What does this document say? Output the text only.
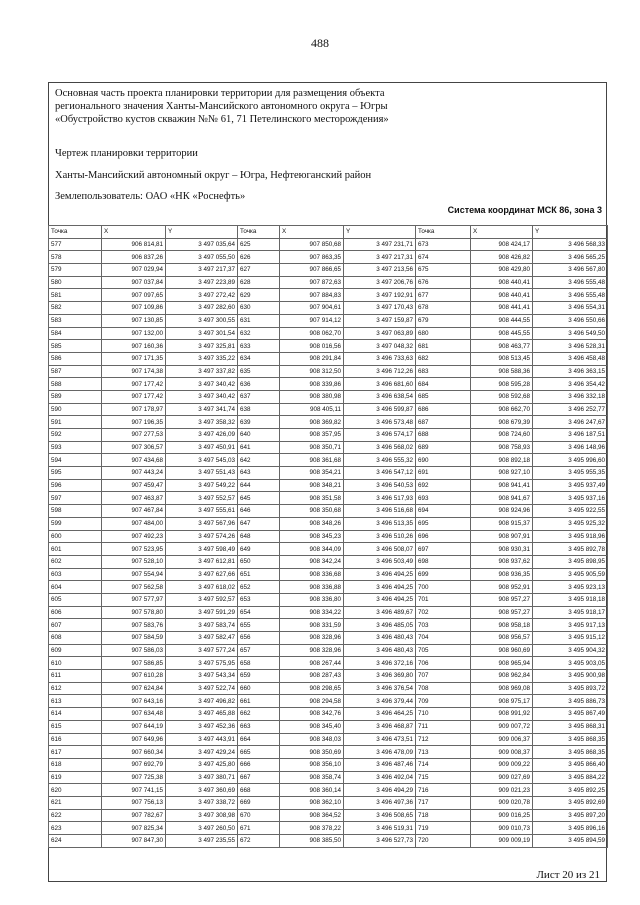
488
Основная часть проекта планировки территории для размещения объекта
регионального значения Ханты-Мансийского автономного округа – Югры
«Обустройство кустов скважин №№ 61, 71 Петелинского месторождения»
Чертеж планировки территории
Ханты-Мансийский автономный округ – Югра, Нефтеюганский район
Землепользователь: ОАО «НК «Роснефть»
Система координат МСК 86, зона 3
Точка	X	Y	Точка	X	Y	Точка	X	Y
577	906 814,81	3 497 035,64	625	907 850,68	3 497 231,71	673	908 424,17	3 496 568,33
578	906 837,26	3 497 055,50	626	907 863,35	3 497 217,31	674	908 426,82	3 496 565,25
579	907 029,94	3 497 217,37	627	907 866,65	3 497 213,56	675	908 429,80	3 496 567,80
580	907 037,84	3 497 223,89	628	907 872,63	3 497 206,76	676	908 440,41	3 496 555,48
581	907 097,65	3 497 272,42	629	907 884,83	3 497 192,91	677	908 440,41	3 496 555,48
582	907 109,86	3 497 282,60	630	907 904,61	3 497 170,43	678	908 441,41	3 496 554,31
583	907 130,85	3 497 300,55	631	907 914,12	3 497 159,87	679	908 444,55	3 496 550,66
584	907 132,00	3 497 301,54	632	908 062,70	3 497 063,89	680	908 445,55	3 496 549,50
585	907 160,36	3 497 325,81	633	908 016,56	3 497 048,32	681	908 463,77	3 496 528,31
586	907 171,35	3 497 335,22	634	908 291,84	3 496 733,63	682	908 513,45	3 496 458,48
587	907 174,38	3 497 337,82	635	908 312,50	3 496 712,26	683	908 588,36	3 496 363,15
588	907 177,42	3 497 340,42	636	908 339,86	3 496 681,60	684	908 595,28	3 496 354,42
589	907 177,42	3 497 340,42	637	908 380,98	3 496 638,54	685	908 592,68	3 496 332,18
590	907 178,97	3 497 341,74	638	908 405,11	3 496 599,87	686	908 662,70	3 496 252,77
591	907 196,35	3 497 358,32	639	908 369,82	3 496 573,48	687	908 679,39	3 496 247,67
592	907 277,53	3 497 426,09	640	908 357,95	3 496 574,17	688	908 724,60	3 496 187,51
593	907 306,57	3 497 450,91	641	908 350,71	3 496 568,02	689	908 758,93	3 496 148,96
594	907 434,68	3 497 545,03	642	908 361,68	3 496 555,32	690	908 892,18	3 495 996,60
595	907 443,24	3 497 551,43	643	908 354,21	3 496 547,12	691	908 927,10	3 495 955,35
596	907 459,47	3 497 549,22	644	908 348,21	3 496 540,53	692	908 941,41	3 495 937,49
597	907 463,87	3 497 552,57	645	908 351,58	3 496 517,93	693	908 941,67	3 495 937,16
598	907 467,84	3 497 555,61	646	908 350,68	3 496 516,68	694	908 924,96	3 495 922,55
599	907 484,00	3 497 567,96	647	908 348,26	3 496 513,35	695	908 915,37	3 495 925,32
600	907 492,23	3 497 574,26	648	908 345,23	3 496 510,26	696	908 907,91	3 495 918,96
601	907 523,95	3 497 598,49	649	908 344,09	3 496 508,07	697	908 930,31	3 495 892,78
602	907 528,10	3 497 612,81	650	908 342,24	3 496 503,49	698	908 937,62	3 495 898,95
603	907 554,94	3 497 627,66	651	908 336,68	3 496 494,25	699	908 936,35	3 495 905,59
604	907 562,58	3 497 618,02	652	908 336,88	3 496 494,25	700	908 952,91	3 495 923,13
605	907 577,97	3 497 592,57	653	908 336,80	3 496 494,25	701	908 957,27	3 495 918,18
606	907 578,80	3 497 591,29	654	908 334,22	3 496 489,67	702	908 957,27	3 495 918,17
607	907 583,76	3 497 583,74	655	908 331,59	3 496 485,05	703	908 958,18	3 495 917,13
608	907 584,59	3 497 582,47	656	908 328,96	3 496 480,43	704	908 956,57	3 495 915,12
609	907 586,03	3 497 577,24	657	908 328,96	3 496 480,43	705	908 960,69	3 495 904,32
610	907 586,85	3 497 575,95	658	908 267,44	3 496 372,16	706	908 965,94	3 495 903,05
611	907 610,28	3 497 543,34	659	908 287,43	3 496 369,80	707	908 962,84	3 495 900,98
612	907 624,84	3 497 522,74	660	908 298,65	3 496 376,54	708	908 969,08	3 495 893,72
613	907 643,16	3 497 496,82	661	908 294,58	3 496 379,44	709	908 975,17	3 495 886,73
614	907 634,48	3 497 465,88	662	908 342,76	3 496 464,25	710	908 991,92	3 495 867,49
615	907 644,19	3 497 452,36	663	908 345,40	3 496 468,87	711	909 007,72	3 495 868,31
616	907 649,96	3 497 443,91	664	908 348,03	3 496 473,51	712	909 006,37	3 495 868,35
617	907 660,34	3 497 429,24	665	908 350,69	3 496 478,09	713	909 008,37	3 495 868,35
618	907 692,79	3 497 425,80	666	908 356,10	3 496 487,46	714	909 009,22	3 495 866,40
619	907 725,38	3 497 380,71	667	908 358,74	3 496 492,04	715	909 027,69	3 495 884,22
620	907 741,15	3 497 360,69	668	908 360,14	3 496 494,29	716	909 021,23	3 495 892,25
621	907 756,13	3 497 338,72	669	908 362,10	3 496 497,36	717	909 020,78	3 495 892,69
622	907 782,67	3 497 308,98	670	908 364,52	3 496 508,65	718	909 016,25	3 495 897,20
623	907 825,34	3 497 260,50	671	908 378,22	3 496 519,31	719	909 010,73	3 495 896,16
624	907 847,30	3 497 235,55	672	908 385,50	3 496 527,73	720	909 009,19	3 495 894,59
Лист 20 из 21
